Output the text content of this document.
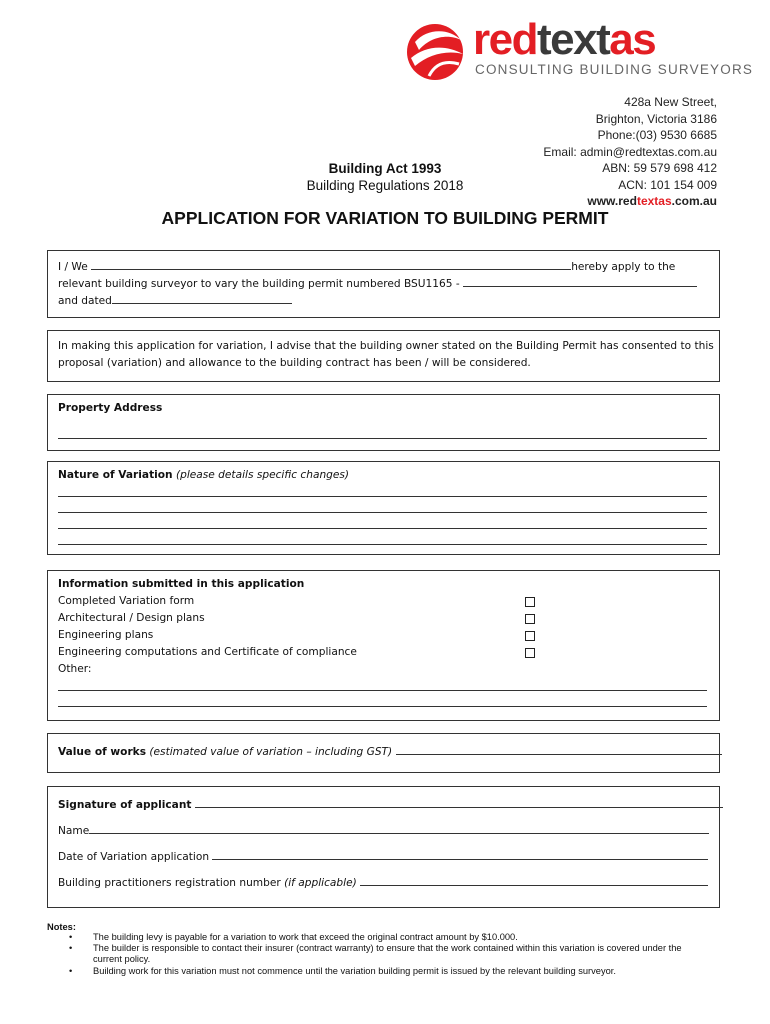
redtextas
CONSULTING BUILDING SURVEYORS
428a New Street,
Brighton, Victoria 3186
Phone:(03) 9530 6685
Email: admin@redtextas.com.au
ABN: 59 579 698 412
ACN: 101 154 009
www.redtextas.com.au
Building Act 1993
Building Regulations 2018
APPLICATION FOR VARIATION TO BUILDING PERMIT
I / We	hereby apply to the
relevant building surveyor to vary the building permit numbered BSU1165 -
and dated
In making this application for variation, I advise that the building owner stated on the Building Permit has consented to this
proposal (variation) and allowance to the building contract has been / will be considered.
Property Address
Nature of Variation (please details specific changes)
Information submitted in this application
Completed Variation form
Architectural / Design plans
Engineering plans
Engineering computations and Certificate of compliance
Other:
Value of works (estimated value of variation – including GST)
Signature of applicant
Name
Date of Variation application
Building practitioners registration number (if applicable)
Notes:
• The building levy is payable for a variation to work that exceed the original contract amount by $10.000.
• The builder is responsible to contact their insurer (contract warranty) to ensure that the work contained within this variation is covered under the current policy.
• Building work for this variation must not commence until the variation building permit is issued by the relevant building surveyor.
